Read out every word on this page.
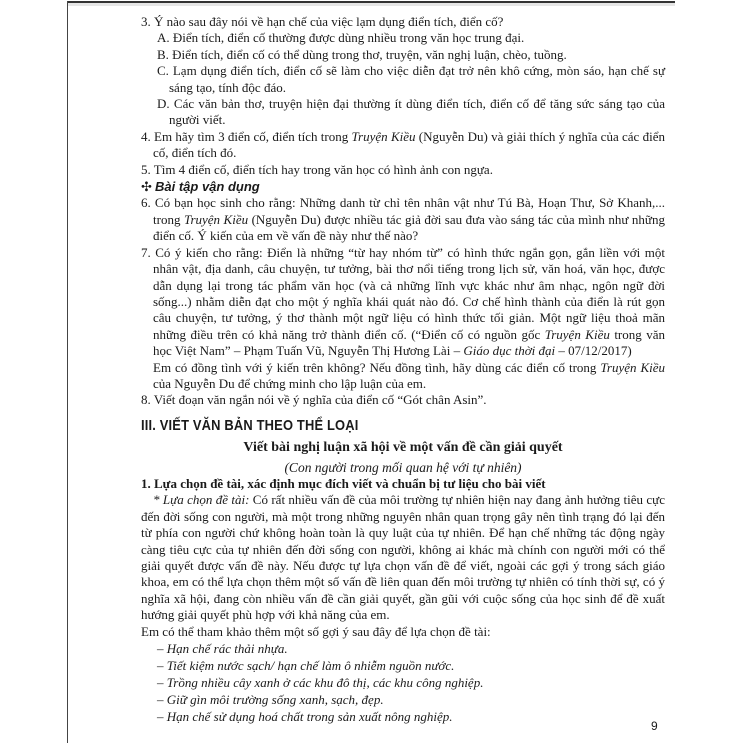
3. Ý nào sau đây nói về hạn chế của việc lạm dụng điển tích, điển cố?
A. Điển tích, điển cố thường được dùng nhiều trong văn học trung đại.
B. Điển tích, điển cố có thể dùng trong thơ, truyện, văn nghị luận, chèo, tuồng.
C. Lạm dụng điển tích, điển cố sẽ làm cho việc diễn đạt trở nên khô cứng, mòn sáo, hạn chế sự sáng tạo, tính độc đáo.
D. Các văn bản thơ, truyện hiện đại thường ít dùng điển tích, điển cố để tăng sức sáng tạo của người viết.
4. Em hãy tìm 3 điển cố, điển tích trong Truyện Kiều (Nguyễn Du) và giải thích ý nghĩa của các điển cố, điển tích đó.
5. Tìm 4 điển cố, điển tích hay trong văn học có hình ảnh con ngựa.
✣ Bài tập vận dụng
6. Có bạn học sinh cho rằng: Những danh từ chỉ tên nhân vật như Tú Bà, Hoạn Thư, Sở Khanh,... trong Truyện Kiều (Nguyễn Du) được nhiều tác giả đời sau đưa vào sáng tác của mình như những điển cố. Ý kiến của em về vấn đề này như thế nào?
7. Có ý kiến cho rằng: Điển là những “từ hay nhóm từ” có hình thức ngắn gọn, gắn liền với một nhân vật, địa danh, câu chuyện, tư tưởng, bài thơ nổi tiếng trong lịch sử, văn hoá, văn học, được dẫn dụng lại trong tác phẩm văn học (và cả những lĩnh vực khác như âm nhạc, ngôn ngữ đời sống...) nhằm diễn đạt cho một ý nghĩa khái quát nào đó. Cơ chế hình thành của điển là rút gọn câu chuyện, tư tưởng, ý thơ thành một ngữ liệu có hình thức tối giản. Một ngữ liệu thoả mãn những điều trên có khả năng trở thành điển cố. (“Điển cố có nguồn gốc Truyện Kiều trong văn học Việt Nam” – Phạm Tuấn Vũ, Nguyễn Thị Hương Lài – Giáo dục thời đại – 07/12/2017)
Em có đồng tình với ý kiến trên không? Nếu đồng tình, hãy dùng các điển cố trong Truyện Kiều của Nguyễn Du để chứng minh cho lập luận của em.
8. Viết đoạn văn ngắn nói về ý nghĩa của điển cố “Gót chân Asin”.
III. VIẾT VĂN BẢN THEO THỂ LOẠI
Viết bài nghị luận xã hội về một vấn đề cần giải quyết
(Con người trong mối quan hệ với tự nhiên)
1. Lựa chọn đề tài, xác định mục đích viết và chuẩn bị tư liệu cho bài viết
* Lựa chọn đề tài: Có rất nhiều vấn đề của môi trường tự nhiên hiện nay đang ảnh hưởng tiêu cực đến đời sống con người, mà một trong những nguyên nhân quan trọng gây nên tình trạng đó lại đến từ phía con người chứ không hoàn toàn là quy luật của tự nhiên. Để hạn chế những tác động ngày càng tiêu cực của tự nhiên đến đời sống con người, không ai khác mà chính con người mới có thể giải quyết được vấn đề này. Nếu được tự lựa chọn vấn đề để viết, ngoài các gợi ý trong sách giáo khoa, em có thể lựa chọn thêm một số vấn đề liên quan đến môi trường tự nhiên có tính thời sự, có ý nghĩa xã hội, đang còn nhiều vấn đề cần giải quyết, gần gũi với cuộc sống của học sinh để đề xuất hướng giải quyết phù hợp với khả năng của em.
Em có thể tham khảo thêm một số gợi ý sau đây để lựa chọn đề tài:
– Hạn chế rác thải nhựa.
– Tiết kiệm nước sạch/ hạn chế làm ô nhiễm nguồn nước.
– Trồng nhiều cây xanh ở các khu đô thị, các khu công nghiệp.
– Giữ gìn môi trường sống xanh, sạch, đẹp.
– Hạn chế sử dụng hoá chất trong sản xuất nông nghiệp.
9
